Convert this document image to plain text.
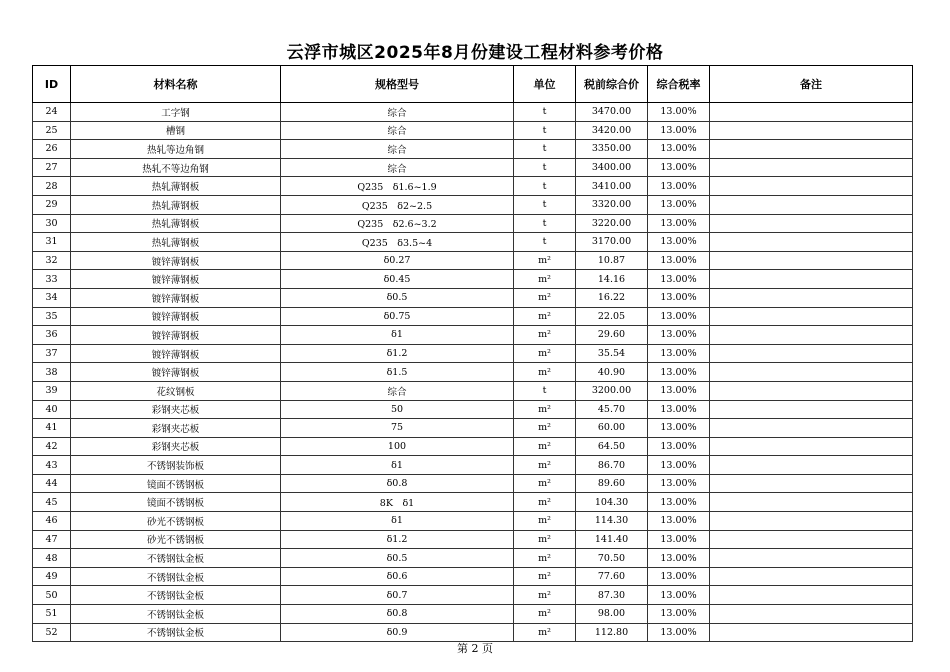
云浮市城区2025年8月份建设工程材料参考价格
ID	材料名称	规格型号	单位	税前综合价	综合税率	备注
24	工字钢	综合	t	3470.00	13.00%	
25	槽钢	综合	t	3420.00	13.00%	
26	热轧等边角钢	综合	t	3350.00	13.00%	
27	热轧不等边角钢	综合	t	3400.00	13.00%	
28	热轧薄钢板	Q235　δ1.6~1.9	t	3410.00	13.00%	
29	热轧薄钢板	Q235　δ2~2.5	t	3320.00	13.00%	
30	热轧薄钢板	Q235　δ2.6~3.2	t	3220.00	13.00%	
31	热轧薄钢板	Q235　δ3.5~4	t	3170.00	13.00%	
32	镀锌薄钢板	δ0.27	m²	10.87	13.00%	
33	镀锌薄钢板	δ0.45	m²	14.16	13.00%	
34	镀锌薄钢板	δ0.5	m²	16.22	13.00%	
35	镀锌薄钢板	δ0.75	m²	22.05	13.00%	
36	镀锌薄钢板	δ1	m²	29.60	13.00%	
37	镀锌薄钢板	δ1.2	m²	35.54	13.00%	
38	镀锌薄钢板	δ1.5	m²	40.90	13.00%	
39	花纹钢板	综合	t	3200.00	13.00%	
40	彩钢夹芯板	50	m²	45.70	13.00%	
41	彩钢夹芯板	75	m²	60.00	13.00%	
42	彩钢夹芯板	100	m²	64.50	13.00%	
43	不锈钢装饰板	δ1	m²	86.70	13.00%	
44	镜面不锈钢板	δ0.8	m²	89.60	13.00%	
45	镜面不锈钢板	8K　δ1	m²	104.30	13.00%	
46	砂光不锈钢板	δ1	m²	114.30	13.00%	
47	砂光不锈钢板	δ1.2	m²	141.40	13.00%	
48	不锈钢钛金板	δ0.5	m²	70.50	13.00%	
49	不锈钢钛金板	δ0.6	m²	77.60	13.00%	
50	不锈钢钛金板	δ0.7	m²	87.30	13.00%	
51	不锈钢钛金板	δ0.8	m²	98.00	13.00%	
52	不锈钢钛金板	δ0.9	m²	112.80	13.00%	
第 2 页
